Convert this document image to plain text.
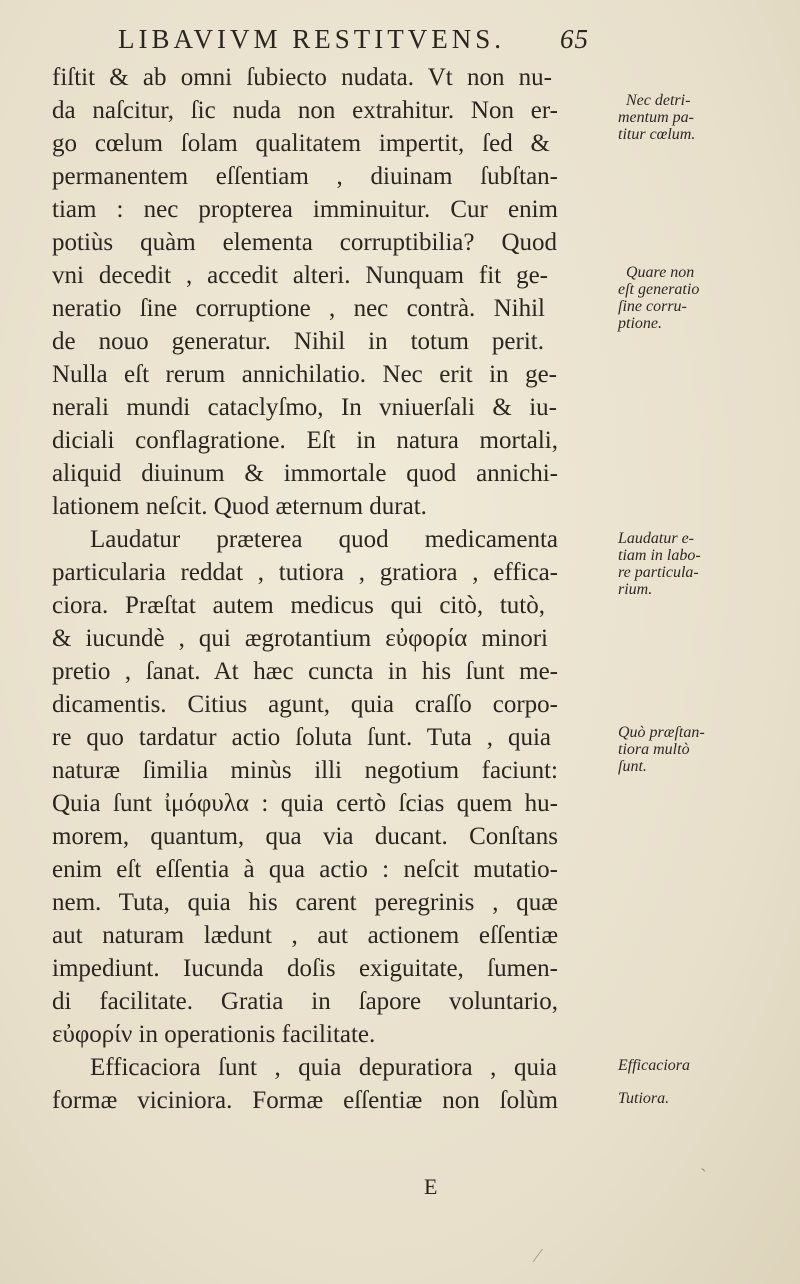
LIBAVIVM RESTITVENS. 65
fiſtit & ab omni ſubiecto nudata. Vt non nu-
da naſcitur, ſic nuda non extrahitur. Non er-
go cœlum ſolam qualitatem impertit, ſed &
permanentem eſſentiam , diuinam ſubſtan-
tiam : nec propterea imminuitur. Cur enim
potiùs quàm elementa corruptibilia? Quod
vni decedit , accedit alteri. Nunquam fit ge-
neratio ſine corruptione , nec contrà. Nihil
de nouo generatur. Nihil in totum perit.
Nulla eſt rerum annichilatio. Nec erit in ge-
nerali mundi cataclyſmo, In vniuerſali & iu-
diciali conflagratione. Eſt in natura mortali,
aliquid diuinum & immortale quod annichi-
lationem neſcit. Quod æternum durat.
Laudatur præterea quod medicamenta
particularia reddat , tutiora , gratiora , effica-
ciora. Præſtat autem medicus qui citò, tutò,
& iucundè , qui ægrotantium εὐφορία minori
pretio , ſanat. At hæc cuncta in his ſunt me-
dicamentis. Citius agunt, quia craſſo corpo-
re quo tardatur actio ſoluta ſunt. Tuta , quia
naturæ ſimilia minùs illi negotium faciunt:
Quia ſunt ἰμόφυλα : quia certò ſcias quem hu-
morem, quantum, qua via ducant. Conſtans
enim eſt eſſentia à qua actio : neſcit mutatio-
nem. Tuta, quia his carent peregrinis , quæ
aut naturam lædunt , aut actionem eſſentiæ
impediunt. Iucunda doſis exiguitate, ſumen-
di facilitate. Gratia in ſapore voluntario,
εὐφορίν in operationis facilitate.
Efficaciora ſunt , quia depuratiora , quia
formæ viciniora. Formæ eſſentiæ non ſolùm
Nec detri-
mentum pa-
titur cœlum.
Quare non
eſt generatio
ſine corru-
ptione.
Laudatur e-
tiam in labo-
re particula-
rium.
Quò præſtan-
tiora multò
ſunt.
Efficaciora
Tutiora.
E
ˎ
⁄
